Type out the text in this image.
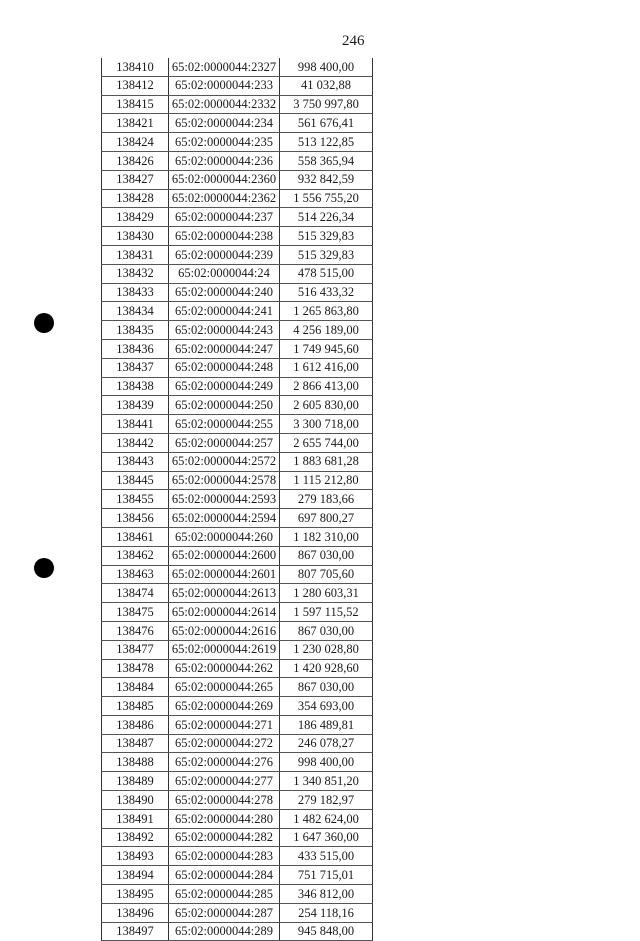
246
138410	65:02:0000044:2327	998 400,00
138412	65:02:0000044:233	41 032,88
138415	65:02:0000044:2332	3 750 997,80
138421	65:02:0000044:234	561 676,41
138424	65:02:0000044:235	513 122,85
138426	65:02:0000044:236	558 365,94
138427	65:02:0000044:2360	932 842,59
138428	65:02:0000044:2362	1 556 755,20
138429	65:02:0000044:237	514 226,34
138430	65:02:0000044:238	515 329,83
138431	65:02:0000044:239	515 329,83
138432	65:02:0000044:24	478 515,00
138433	65:02:0000044:240	516 433,32
138434	65:02:0000044:241	1 265 863,80
138435	65:02:0000044:243	4 256 189,00
138436	65:02:0000044:247	1 749 945,60
138437	65:02:0000044:248	1 612 416,00
138438	65:02:0000044:249	2 866 413,00
138439	65:02:0000044:250	2 605 830,00
138441	65:02:0000044:255	3 300 718,00
138442	65:02:0000044:257	2 655 744,00
138443	65:02:0000044:2572	1 883 681,28
138445	65:02:0000044:2578	1 115 212,80
138455	65:02:0000044:2593	279 183,66
138456	65:02:0000044:2594	697 800,27
138461	65:02:0000044:260	1 182 310,00
138462	65:02:0000044:2600	867 030,00
138463	65:02:0000044:2601	807 705,60
138474	65:02:0000044:2613	1 280 603,31
138475	65:02:0000044:2614	1 597 115,52
138476	65:02:0000044:2616	867 030,00
138477	65:02:0000044:2619	1 230 028,80
138478	65:02:0000044:262	1 420 928,60
138484	65:02:0000044:265	867 030,00
138485	65:02:0000044:269	354 693,00
138486	65:02:0000044:271	186 489,81
138487	65:02:0000044:272	246 078,27
138488	65:02:0000044:276	998 400,00
138489	65:02:0000044:277	1 340 851,20
138490	65:02:0000044:278	279 182,97
138491	65:02:0000044:280	1 482 624,00
138492	65:02:0000044:282	1 647 360,00
138493	65:02:0000044:283	433 515,00
138494	65:02:0000044:284	751 715,01
138495	65:02:0000044:285	346 812,00
138496	65:02:0000044:287	254 118,16
138497	65:02:0000044:289	945 848,00
